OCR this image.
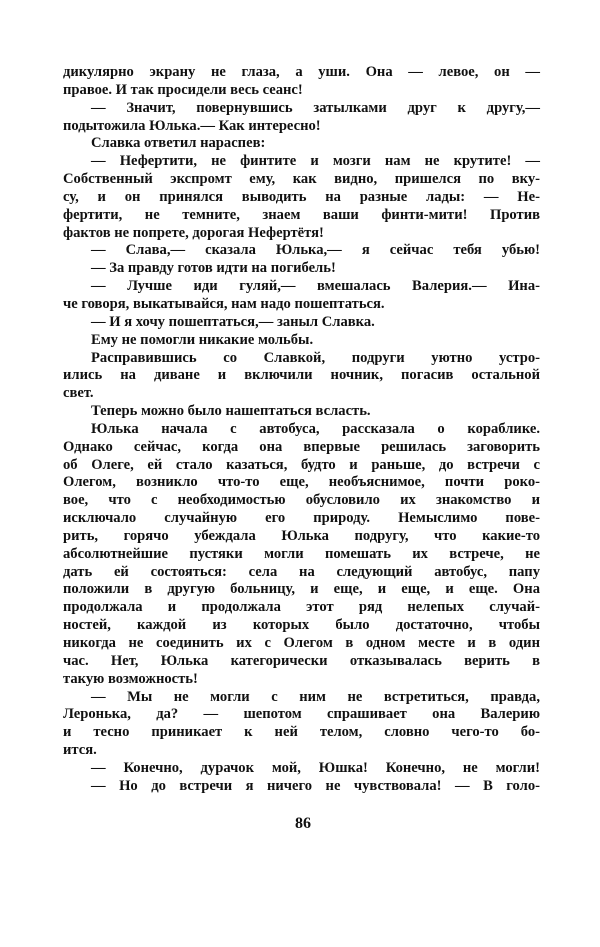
дикулярно экрану не глаза, а уши. Она — левое, он —
правое. И так просидели весь сеанс!
— Значит, повернувшись затылками друг к другу,—
подытожила Юлька.— Как интересно!
Славка ответил нараспев:
— Нефертити, не финтите и мозги нам не крутите! —
Собственный экспромт ему, как видно, пришелся по вку-
су, и он принялся выводить на разные лады: — Не-
фертити, не темните, знаем ваши финти-мити! Против
фактов не попрете, дорогая Нефертётя!
— Слава,— сказала Юлька,— я сейчас тебя убью!
— За правду готов идти на погибель!
— Лучше иди гуляй,— вмешалась Валерия.— Ина-
че говоря, выкатывайся, нам надо пошептаться.
— И я хочу пошептаться,— заныл Славка.
Ему не помогли никакие мольбы.
Расправившись со Славкой, подруги уютно устро-
ились на диване и включили ночник, погасив остальной
свет.
Теперь можно было нашептаться всласть.
Юлька начала с автобуса, рассказала о кораблике.
Однако сейчас, когда она впервые решилась заговорить
об Олеге, ей стало казаться, будто и раньше, до встречи с
Олегом, возникло что-то еще, необъяснимое, почти роко-
вое, что с необходимостью обусловило их знакомство и
исключало случайную его природу. Немыслимо пове-
рить, горячо убеждала Юлька подругу, что какие-то
абсолютнейшие пустяки могли помешать их встрече, не
дать ей состояться: села на следующий автобус, папу
положили в другую больницу, и еще, и еще, и еще. Она
продолжала и продолжала этот ряд нелепых случай-
ностей, каждой из которых было достаточно, чтобы
никогда не соединить их с Олегом в одном месте и в один
час. Нет, Юлька категорически отказывалась верить в
такую возможность!
— Мы не могли с ним не встретиться, правда,
Леронька, да? — шепотом спрашивает она Валерию
и тесно приникает к ней телом, словно чего-то бо-
ится.
— Конечно, дурачок мой, Юшка! Конечно, не могли!
— Но до встречи я ничего не чувствовала! — В голо-
86
